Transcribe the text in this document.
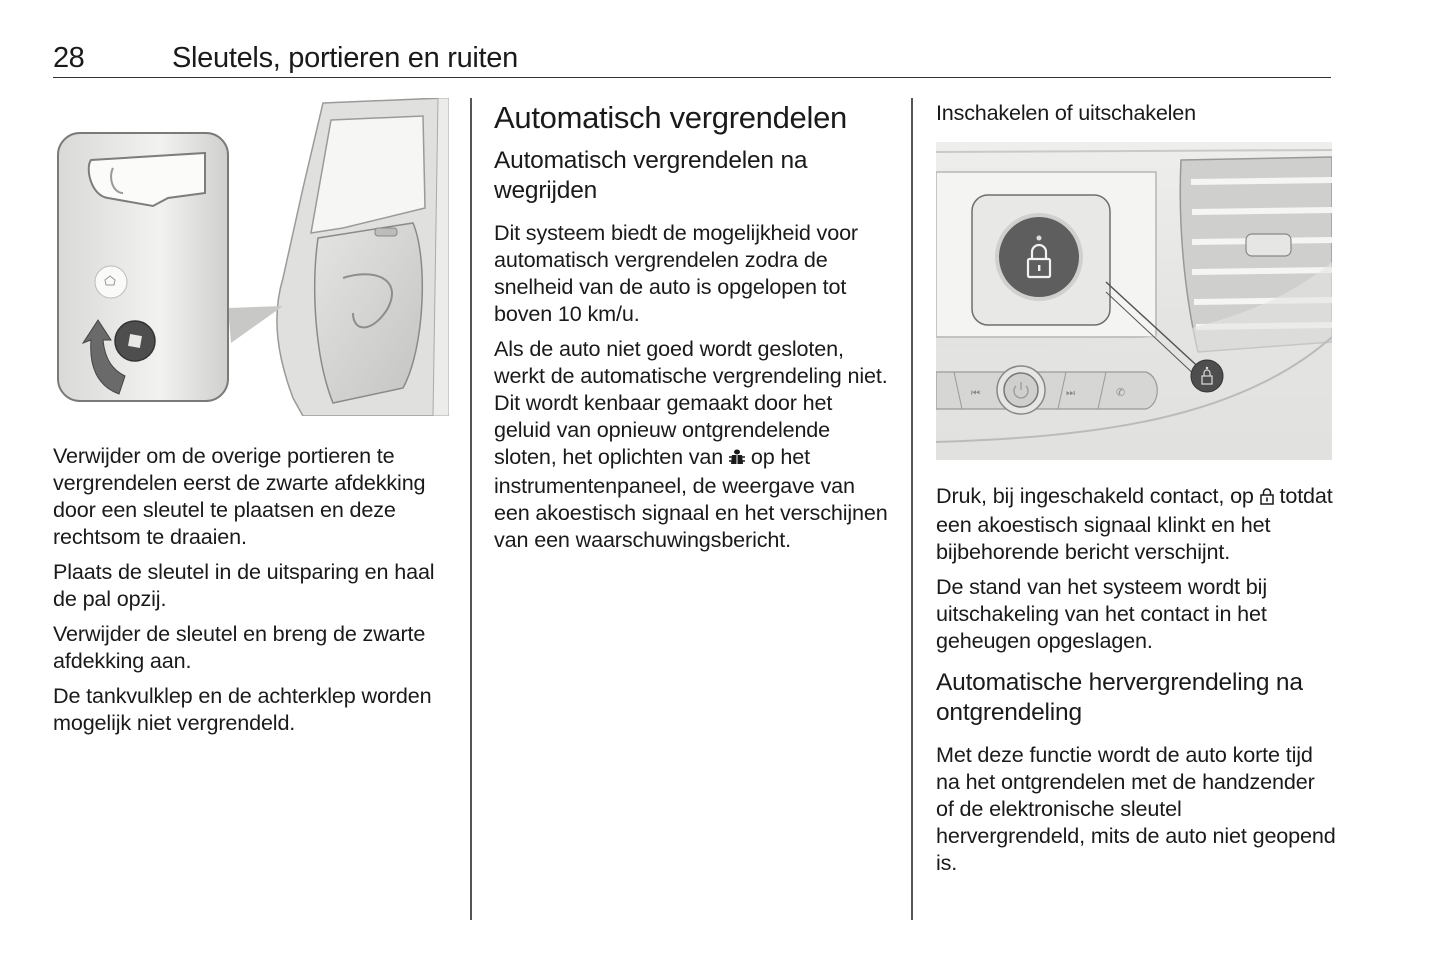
28	Sleutels, portieren en ruiten

Verwijder om de overige portieren te vergrendelen eerst de zwarte afdekking door een sleutel te plaatsen en deze rechtsom te draaien.

Plaats de sleutel in de uitsparing en haal de pal opzij.

Verwijder de sleutel en breng de zwarte afdekking aan.

De tankvulklep en de achterklep worden mogelijk niet vergrendeld.

Automatisch vergrendelen
Automatisch vergrendelen na wegrijden

Dit systeem biedt de mogelijkheid voor automatisch vergrendelen zodra de snelheid van de auto is opgelopen tot boven 10 km/u.

Als de auto niet goed wordt gesloten, werkt de automatische vergrendeling niet. Dit wordt kenbaar gemaakt door het geluid van opnieuw ontgrendelende sloten, het oplichten van  op het instrumentenpaneel, de weergave van een akoestisch signaal en het verschijnen van een waarschuwingsbericht.

Inschakelen of uitschakelen
⏮	⏭	✆

Druk, bij ingeschakeld contact, op  totdat een akoestisch signaal klinkt en het bijbehorende bericht verschijnt.

De stand van het systeem wordt bij uitschakeling van het contact in het geheugen opgeslagen.

Automatische hervergrendeling na ontgrendeling

Met deze functie wordt de auto korte tijd na het ontgrendelen met de handzender of de elektronische sleutel hervergrendeld, mits de auto niet geopend is.
